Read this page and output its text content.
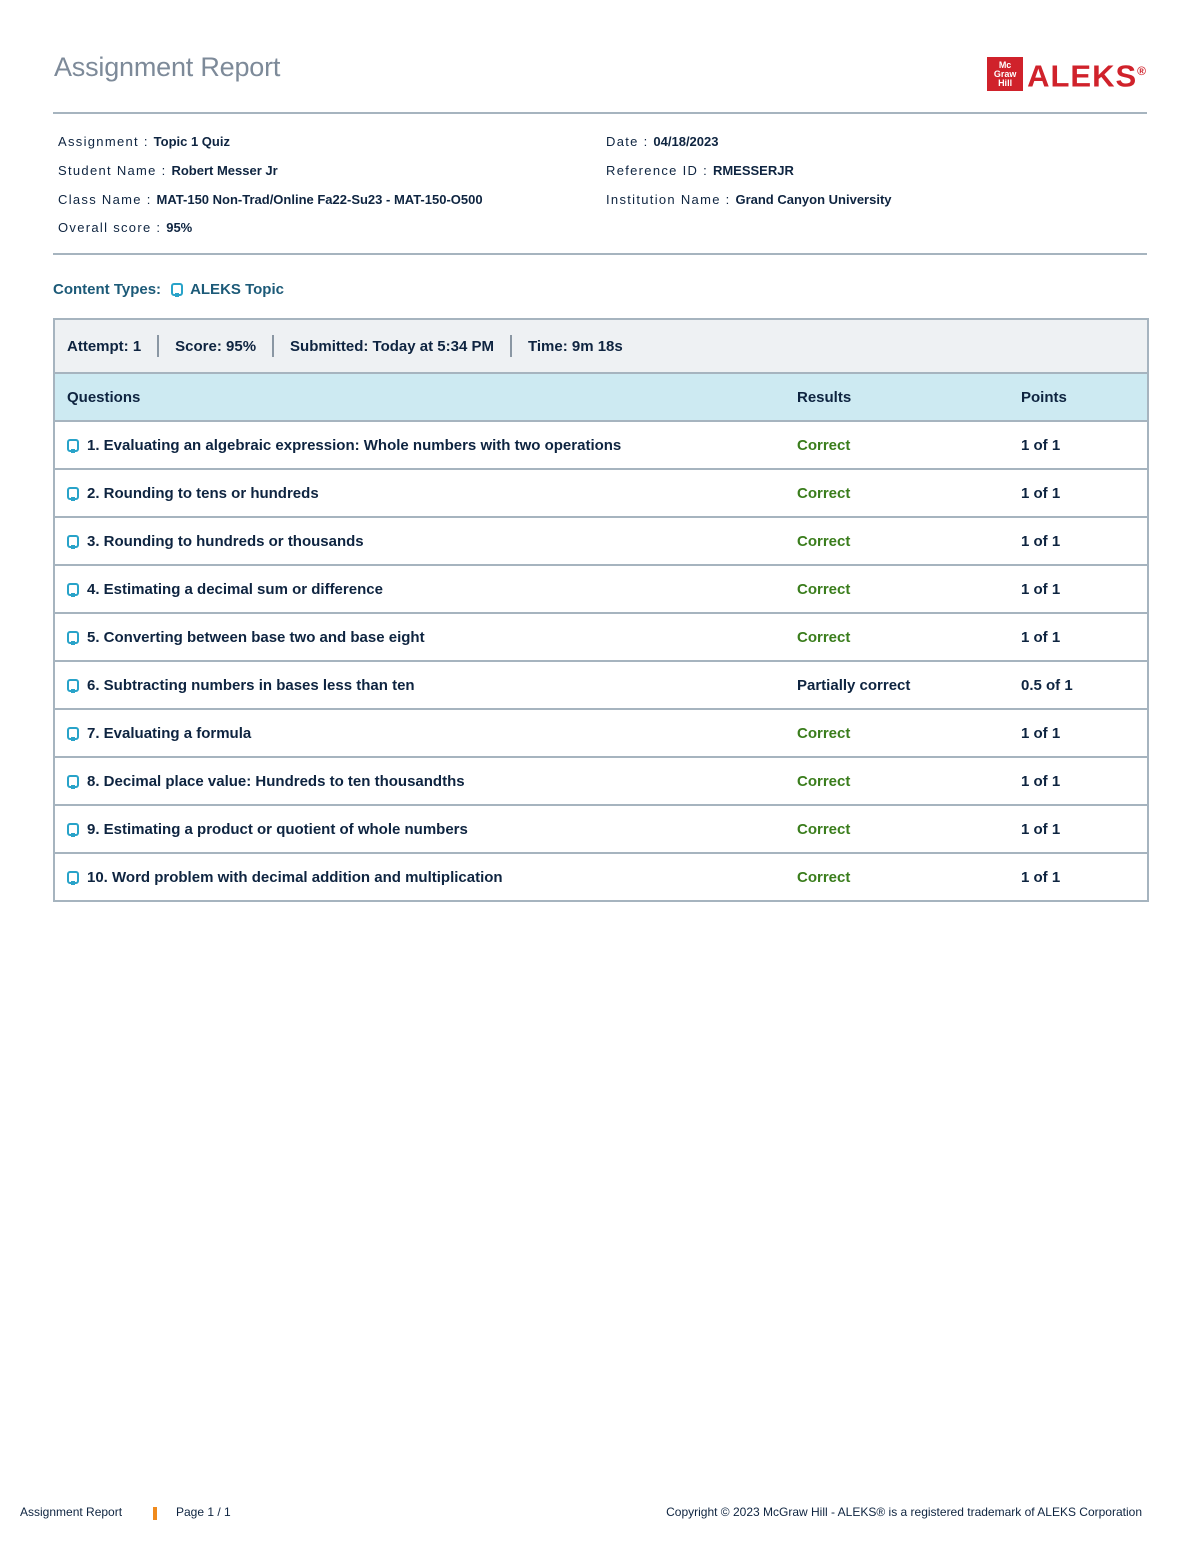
Assignment Report	Mc
Graw
Hill ALEKS®
Assignment : Topic 1 Quiz
Student Name : Robert Messer Jr
Class Name : MAT-150 Non-Trad/Online Fa22-Su23 - MAT-150-O500
Overall score : 95%
Date : 04/18/2023
Reference ID : RMESSERJR
Institution Name : Grand Canyon University
Content Types: ALEKS Topic
Attempt: 1 Score: 95% Submitted: Today at 5:34 PM Time: 9m 18s
Questions	Results	Points

1. Evaluating an algebraic expression: Whole numbers with two operations	Correct	1 of 1

2. Rounding to tens or hundreds	Correct	1 of 1

3. Rounding to hundreds or thousands	Correct	1 of 1

4. Estimating a decimal sum or difference	Correct	1 of 1

5. Converting between base two and base eight	Correct	1 of 1

6. Subtracting numbers in bases less than ten	Partially correct	0.5 of 1

7. Evaluating a formula	Correct	1 of 1

8. Decimal place value: Hundreds to ten thousandths	Correct	1 of 1

9. Estimating a product or quotient of whole numbers	Correct	1 of 1

10. Word problem with decimal addition and multiplication	Correct	1 of 1
Assignment Report	Page 1 / 1	Copyright © 2023 McGraw Hill - ALEKS® is a registered trademark of ALEKS Corporation
